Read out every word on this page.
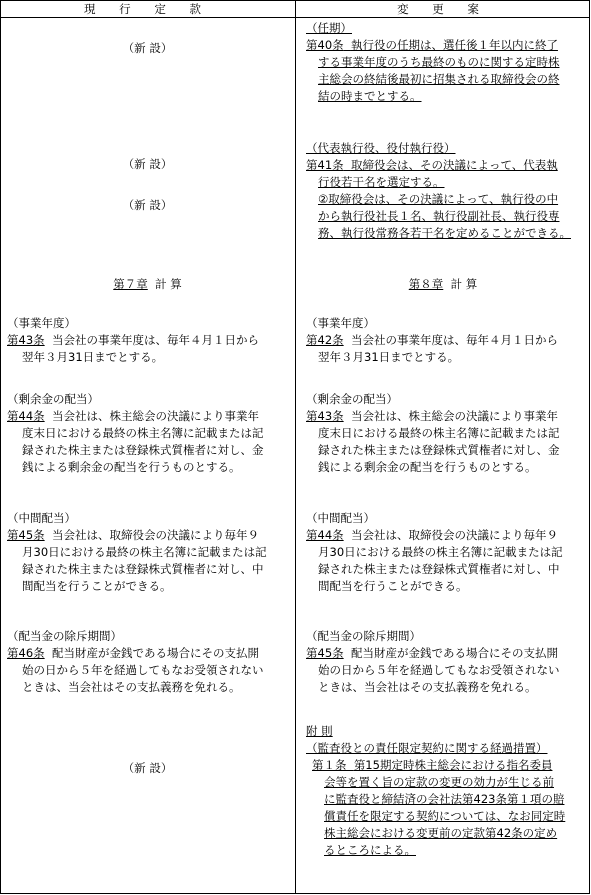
現 行 定 款	変 更 案
（新 設）
（新 設）
（新 設）
第７章 計 算
（事業年度）
第43条 当会社の事業年度は、毎年４月１日から
翌年３月31日までとする。
（剰余金の配当）
第44条 当会社は、株主総会の決議により事業年
度末日における最終の株主名簿に記載または記
録された株主または登録株式質権者に対し、金
銭による剰余金の配当を行うものとする。
（中間配当）
第45条 当会社は、取締役会の決議により毎年９
月30日における最終の株主名簿に記載または記
録された株主または登録株式質権者に対し、中
間配当を行うことができる。
（配当金の除斥期間）
第46条 配当財産が金銭である場合にその支払開
始の日から５年を経過してもなお受領されない
ときは、当会社はその支払義務を免れる。
（新 設）
（任期）
第40条 執行役の任期は、選任後１年以内に終了
する事業年度のうち最終のものに関する定時株
主総会の終結後最初に招集される取締役会の終
結の時までとする。
（代表執行役、役付執行役）
第41条 取締役会は、その決議によって、代表執
行役若干名を選定する。
②取締役会は、その決議によって、執行役の中
から執行役社長１名、執行役副社長、執行役専
務、執行役常務各若干名を定めることができる。
第８章 計 算
（事業年度）
第42条 当会社の事業年度は、毎年４月１日から
翌年３月31日までとする。
（剰余金の配当）
第43条 当会社は、株主総会の決議により事業年
度末日における最終の株主名簿に記載または記
録された株主または登録株式質権者に対し、金
銭による剰余金の配当を行うものとする。
（中間配当）
第44条 当会社は、取締役会の決議により毎年９
月30日における最終の株主名簿に記載または記
録された株主または登録株式質権者に対し、中
間配当を行うことができる。
（配当金の除斥期間）
第45条 配当財産が金銭である場合にその支払開
始の日から５年を経過してもなお受領されない
ときは、当会社はその支払義務を免れる。
附 則
（監査役との責任限定契約に関する経過措置）
第１条 第15期定時株主総会における指名委員
会等を置く旨の定款の変更の効力が生じる前
に監査役と締結済の会社法第423条第１項の賠
償責任を限定する契約については、なお同定時
株主総会における変更前の定款第42条の定め
るところによる。
